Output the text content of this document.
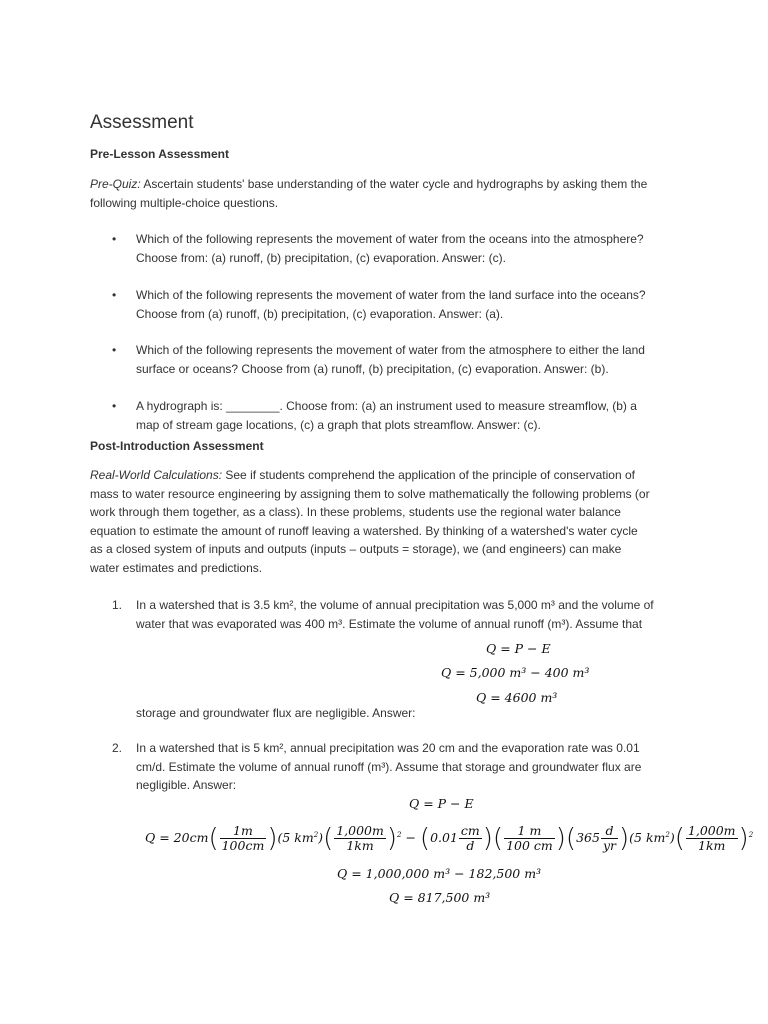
Assessment
Pre-Lesson Assessment
Pre-Quiz: Ascertain students' base understanding of the water cycle and hydrographs by asking them the
following multiple-choice questions.
• Which of the following represents the movement of water from the oceans into the atmosphere?
Choose from: (a) runoff, (b) precipitation, (c) evaporation. Answer: (c).
• Which of the following represents the movement of water from the land surface into the oceans?
Choose from (a) runoff, (b) precipitation, (c) evaporation. Answer: (a).
• Which of the following represents the movement of water from the atmosphere to either the land
surface or oceans? Choose from (a) runoff, (b) precipitation, (c) evaporation. Answer: (b).
• A hydrograph is: ________. Choose from: (a) an instrument used to measure streamflow, (b) a
map of stream gage locations, (c) a graph that plots streamflow. Answer: (c).
Post-Introduction Assessment
Real-World Calculations: See if students comprehend the application of the principle of conservation of
mass to water resource engineering by assigning them to solve mathematically the following problems (or
work through them together, as a class). In these problems, students use the regional water balance
equation to estimate the amount of runoff leaving a watershed. By thinking of a watershed's water cycle
as a closed system of inputs and outputs (inputs – outputs = storage), we (and engineers) can make
water estimates and predictions.
1. In a watershed that is 3.5 km², the volume of annual precipitation was 5,000 m³ and the volume of
water that was evaporated was 400 m³. Estimate the volume of annual runoff (m³). Assume that
Q = P − E
Q = 5,000 m³ − 400 m³
Q = 4600 m³
storage and groundwater flux are negligible. Answer:
2. In a watershed that is 5 km², annual precipitation was 20 cm and the evaporation rate was 0.01
cm/d. Estimate the volume of annual runoff (m³). Assume that storage and groundwater flux are
negligible. Answer:
Q = P − E
$Q = 20cm( \frac{1m}{100cm} )(5$ $km^2)( \frac{1,000m}{1km} )^2 - (0.01 \frac{cm}{d}$ )( $\frac{1 m}{100 cm} )(365 \frac{d}{yr} )(5$ $km^2)( \frac{1,000m}{1km} )^2$
Q = 1,000,000 m³ − 182,500 m³
Q = 817,500 m³
